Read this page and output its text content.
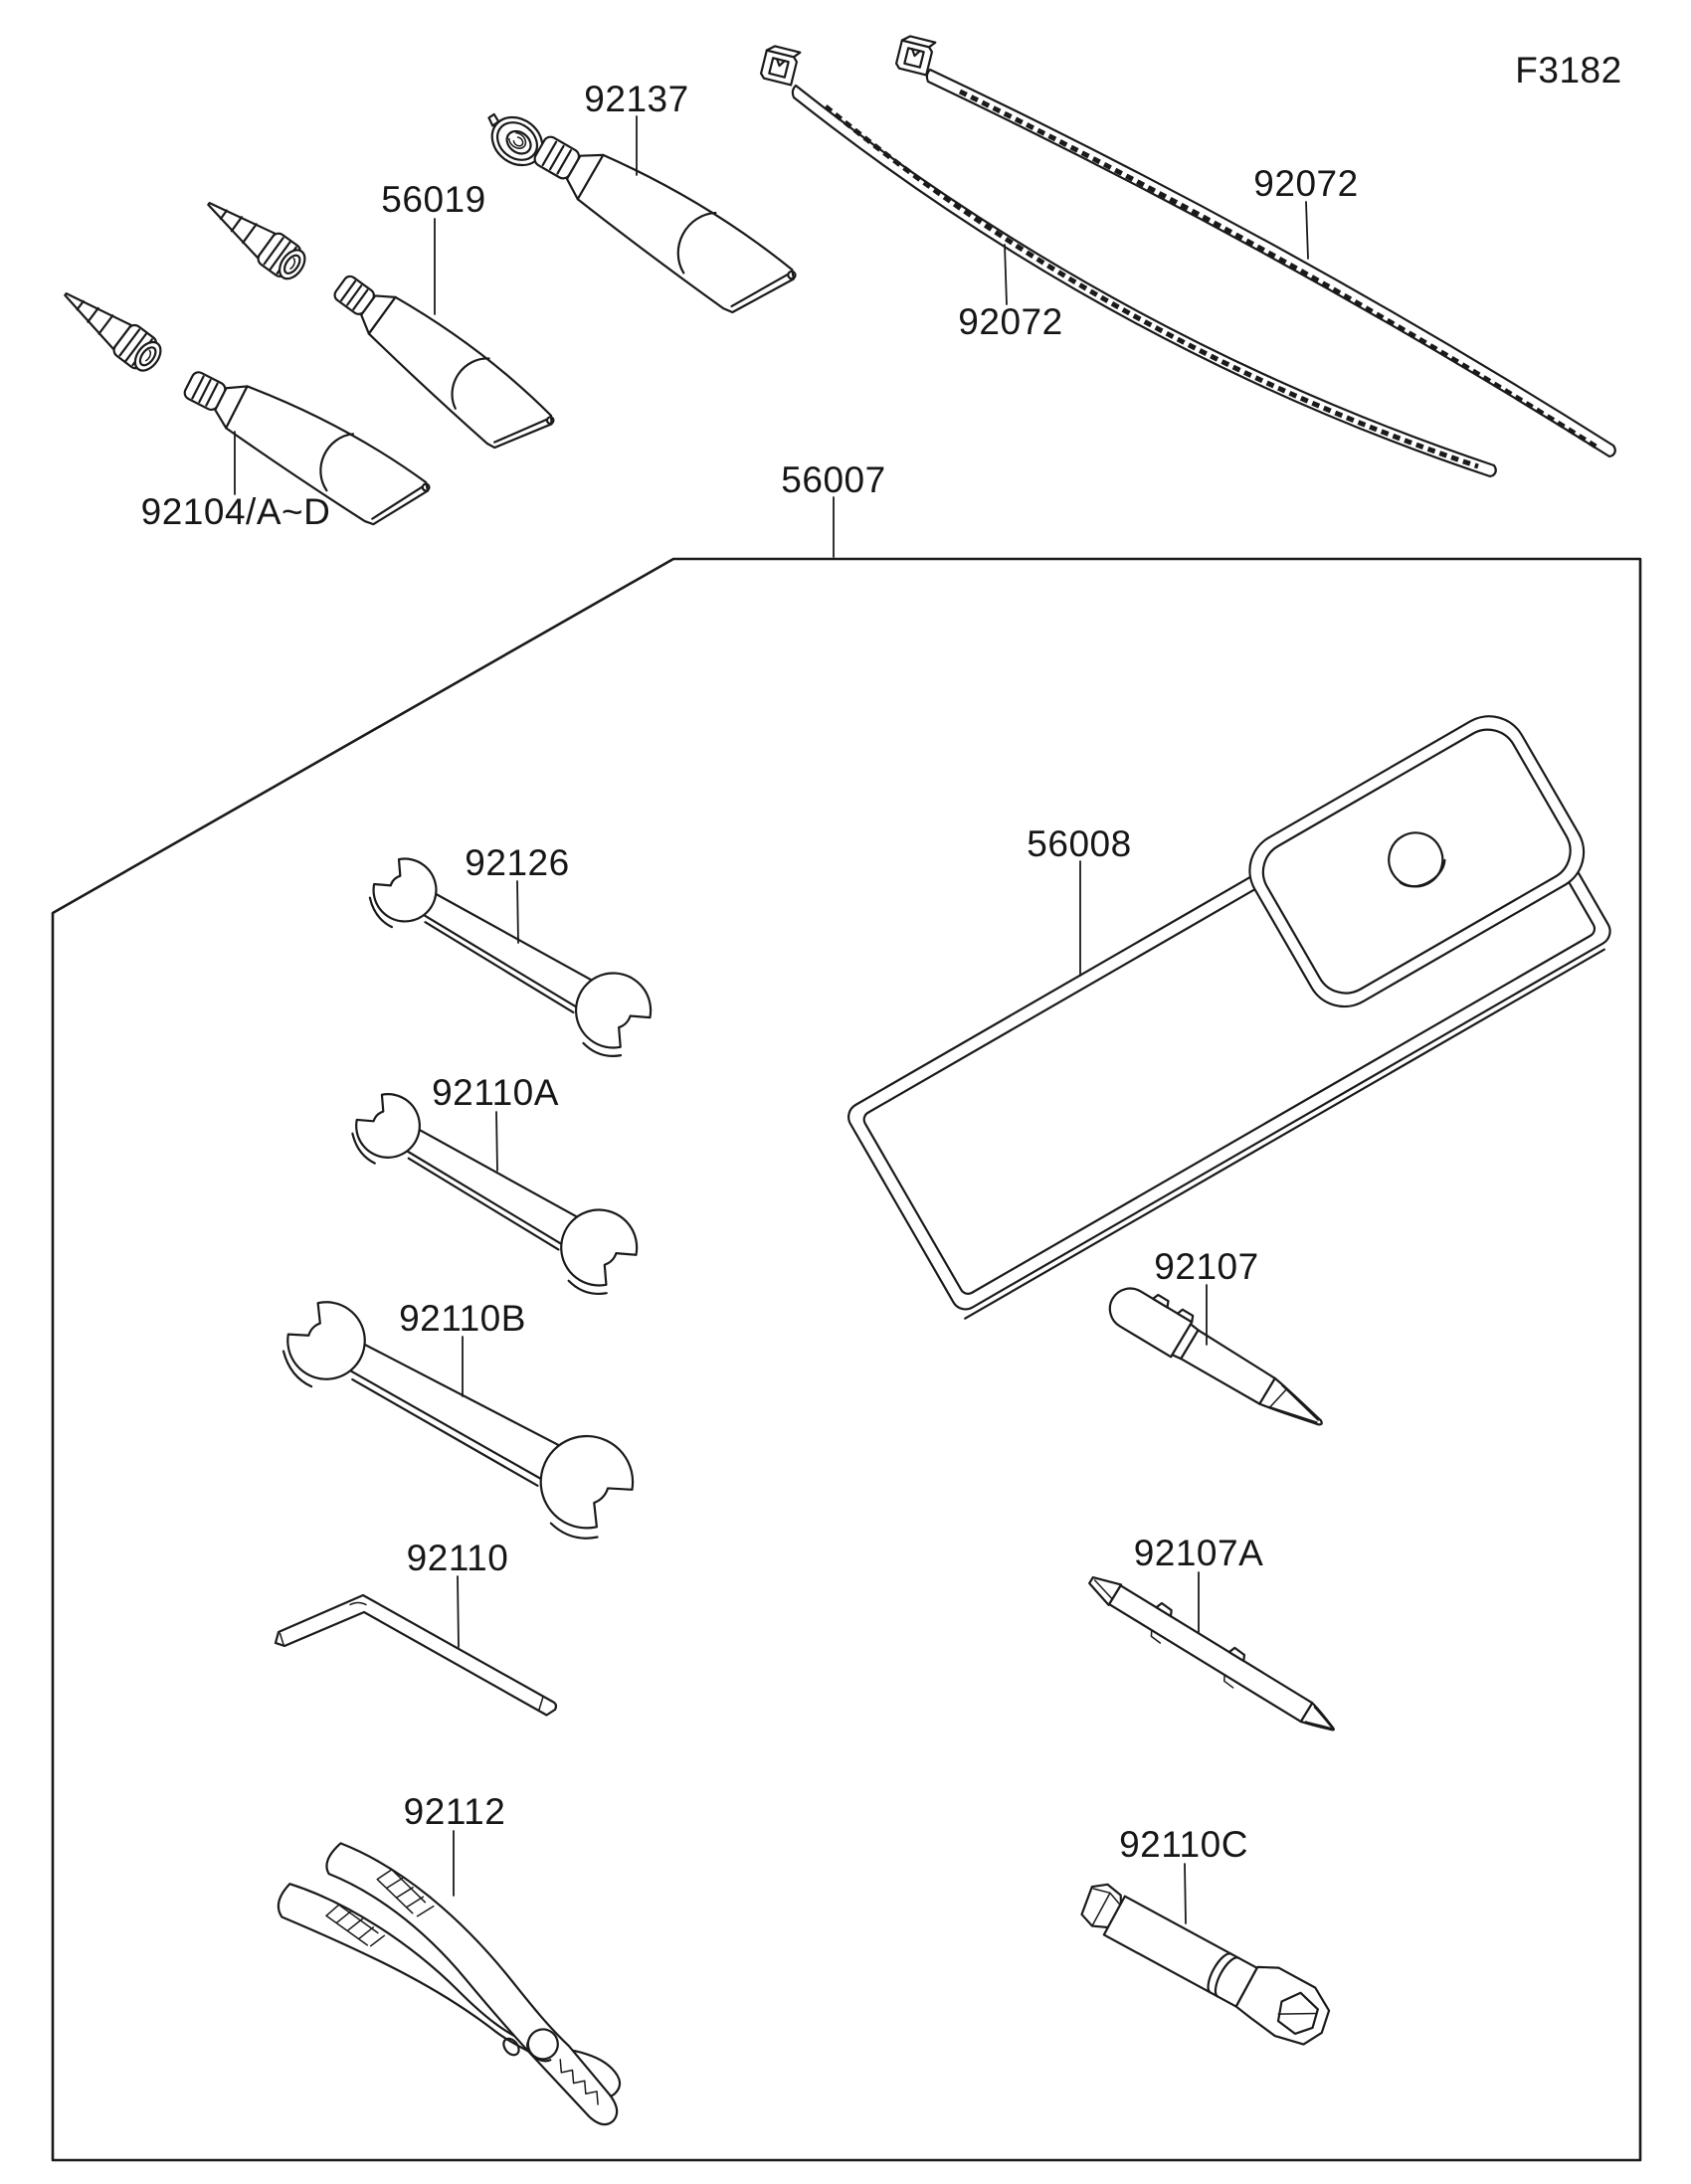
F3182
56019
92137
92104/A~D
92072
92072
56007
56008
92126
92110A
92110B
92110
92112
92107
92107A
92110C
